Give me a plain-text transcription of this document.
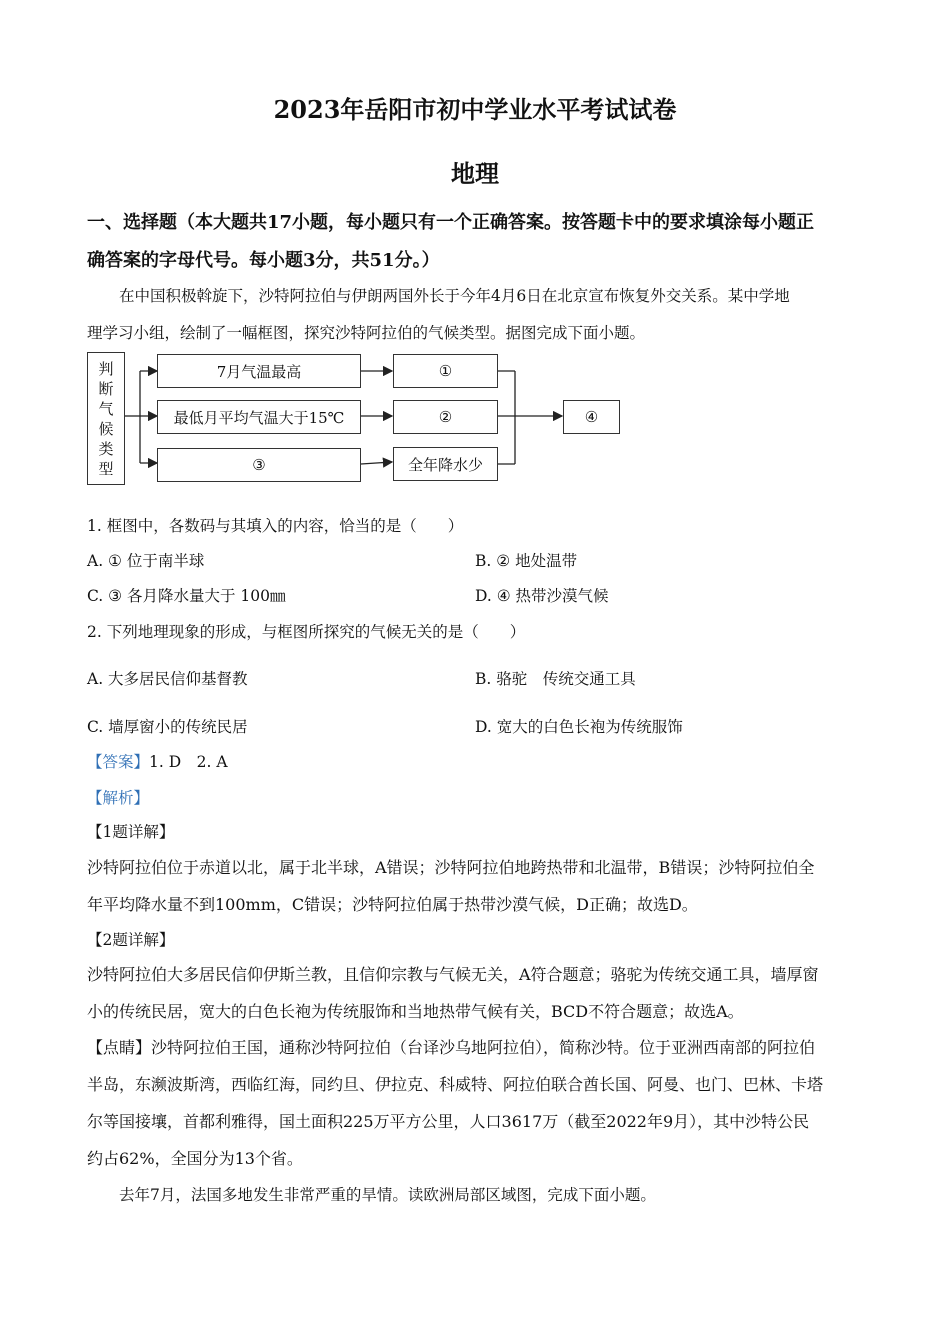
2023年岳阳市初中学业水平考试试卷
地理
一、选择题（本大题共17小题，每小题只有一个正确答案。按答题卡中的要求填涂每小题正
确答案的字母代号。每小题3分，共51分。）
在中国积极斡旋下，沙特阿拉伯与伊朗两国外长于今年4月6日在北京宣布恢复外交关系。某中学地
理学习小组，绘制了一幅框图，探究沙特阿拉伯的气候类型。据图完成下面小题。
判
断
气
候
类
型
7月气温最高
最低月平均气温大于15℃
③
①
②
全年降水少
④
1. 框图中，各数码与其填入的内容，恰当的是（　　）
A. ① 位于南半球	B. ② 地处温带
C. ③ 各月降水量大于 100㎜	D. ④ 热带沙漠气候
2. 下列地理现象的形成，与框图所探究的气候无关的是（　　）
A. 大多居民信仰基督教	B. 骆驼　传统交通工具
C. 墙厚窗小的传统民居	D. 宽大的白色长袍为传统服饰
【答案】1. D　2. A
【解析】
【1题详解】
沙特阿拉伯位于赤道以北，属于北半球，A错误；沙特阿拉伯地跨热带和北温带，B错误；沙特阿拉伯全
年平均降水量不到100mm，C错误；沙特阿拉伯属于热带沙漠气候，D正确；故选D。
【2题详解】
沙特阿拉伯大多居民信仰伊斯兰教，且信仰宗教与气候无关，A符合题意；骆驼为传统交通工具，墙厚窗
小的传统民居，宽大的白色长袍为传统服饰和当地热带气候有关，BCD不符合题意；故选A。
【点睛】沙特阿拉伯王国，通称沙特阿拉伯（台译沙乌地阿拉伯），简称沙特。位于亚洲西南部的阿拉伯
半岛，东濒波斯湾，西临红海，同约旦、伊拉克、科威特、阿拉伯联合酋长国、阿曼、也门、巴林、卡塔
尔等国接壤，首都利雅得，国土面积225万平方公里，人口3617万（截至2022年9月），其中沙特公民
约占62%，全国分为13个省。
去年7月，法国多地发生非常严重的旱情。读欧洲局部区域图，完成下面小题。
